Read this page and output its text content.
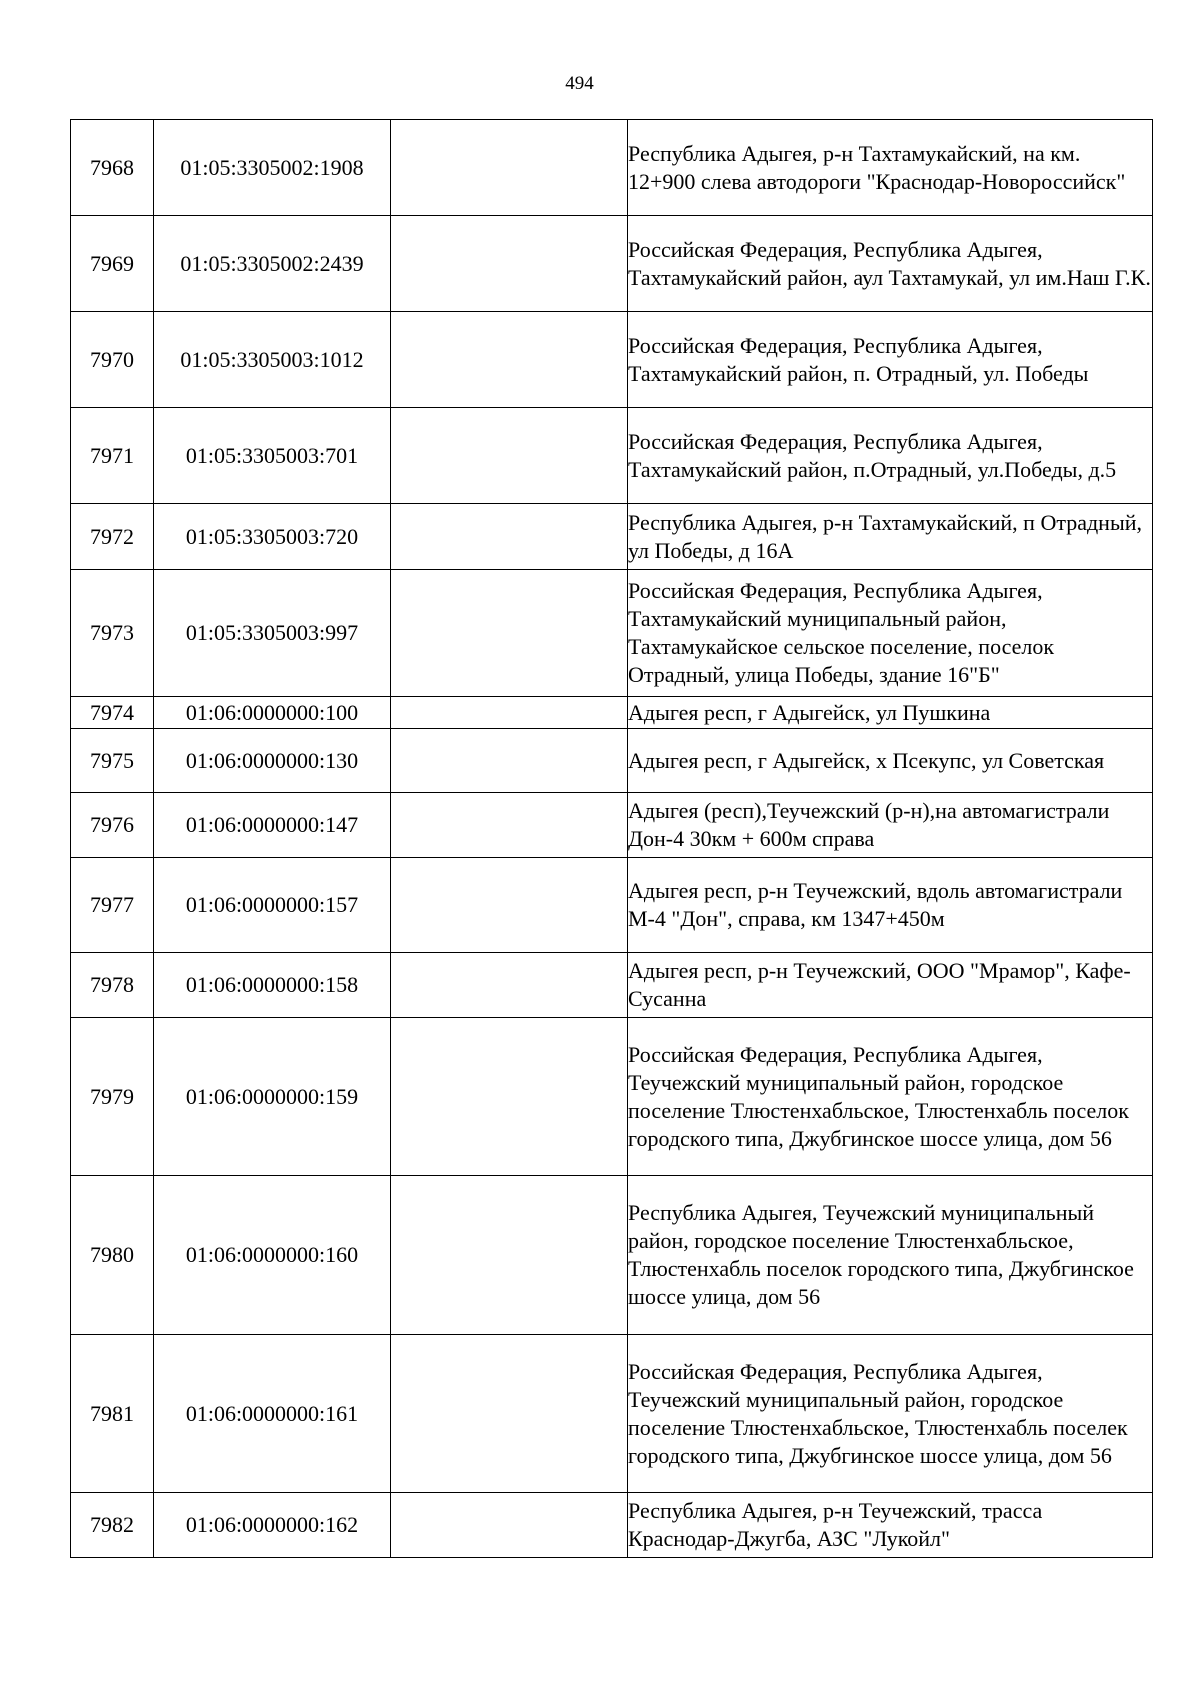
494
7968	01:05:3305002:1908		Республика Адыгея, р-н Тахтамукайский, на км. 12+900 слева автодороги "Краснодар-Новороссийск"
7969	01:05:3305002:2439		Российская Федерация, Республика Адыгея, Тахтамукайский район, аул Тахтамукай, ул им.Наш Г.К.
7970	01:05:3305003:1012		Российская Федерация, Республика Адыгея, Тахтамукайский район, п. Отрадный, ул. Победы
7971	01:05:3305003:701		Российская Федерация, Республика Адыгея, Тахтамукайский район, п.Отрадный, ул.Победы, д.5
7972	01:05:3305003:720		Республика Адыгея, р-н Тахтамукайский, п Отрадный, ул Победы, д 16А
7973	01:05:3305003:997		Российская Федерация, Республика Адыгея, Тахтамукайский муниципальный район, Тахтамукайское сельское поселение, поселок Отрадный, улица Победы, здание 16"Б"
7974	01:06:0000000:100		Адыгея респ, г Адыгейск, ул Пушкина
7975	01:06:0000000:130		Адыгея респ, г Адыгейск, х Псекупс, ул Советская
7976	01:06:0000000:147		Адыгея (респ),Теучежский (р-н),на автомагистрали Дон-4 30км + 600м справа
7977	01:06:0000000:157		Адыгея респ, р-н Теучежский, вдоль автомагистрали М-4 "Дон", справа, км 1347+450м
7978	01:06:0000000:158		Адыгея респ, р-н Теучежский, ООО "Мрамор", Кафе-Сусанна
7979	01:06:0000000:159		Российская Федерация, Республика Адыгея, Теучежский муниципальный район, городское поселение Тлюстенхабльское, Тлюстенхабль поселок городского типа, Джубгинское шоссе улица, дом 56
7980	01:06:0000000:160		Республика Адыгея, Теучежский муниципальный район, городское поселение Тлюстенхабльское, Тлюстенхабль поселок городского типа, Джубгинское шоссе улица, дом 56
7981	01:06:0000000:161		Российская Федерация, Республика Адыгея, Теучежский муниципальный район, городское поселение Тлюстенхабльское, Тлюстенхабль поселек городского типа, Джубгинское шоссе улица, дом 56
7982	01:06:0000000:162		Республика Адыгея, р-н Теучежский, трасса Краснодар-Джугба, АЗС "Лукойл"
